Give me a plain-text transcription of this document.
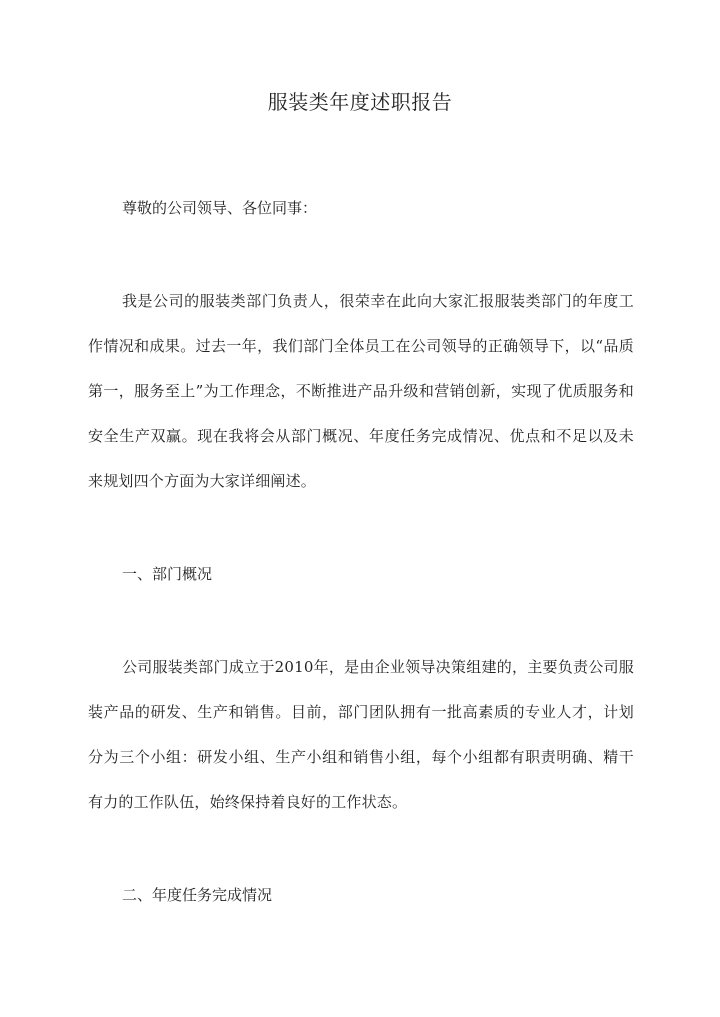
服装类年度述职报告
尊敬的公司领导、各位同事：

我是公司的服装类部门负责人，很荣幸在此向大家汇报服装类部门的年度工作情况和成果。过去一年，我们部门全体员工在公司领导的正确领导下，以“品质第一，服务至上”为工作理念，不断推进产品升级和营销创新，实现了优质服务和安全生产双赢。现在我将会从部门概况、年度任务完成情况、优点和不足以及未来规划四个方面为大家详细阐述。

一、部门概况

公司服装类部门成立于2010年，是由企业领导决策组建的，主要负责公司服装产品的研发、生产和销售。目前，部门团队拥有一批高素质的专业人才，计划分为三个小组：研发小组、生产小组和销售小组，每个小组都有职责明确、精干有力的工作队伍，始终保持着良好的工作状态。

二、年度任务完成情况
